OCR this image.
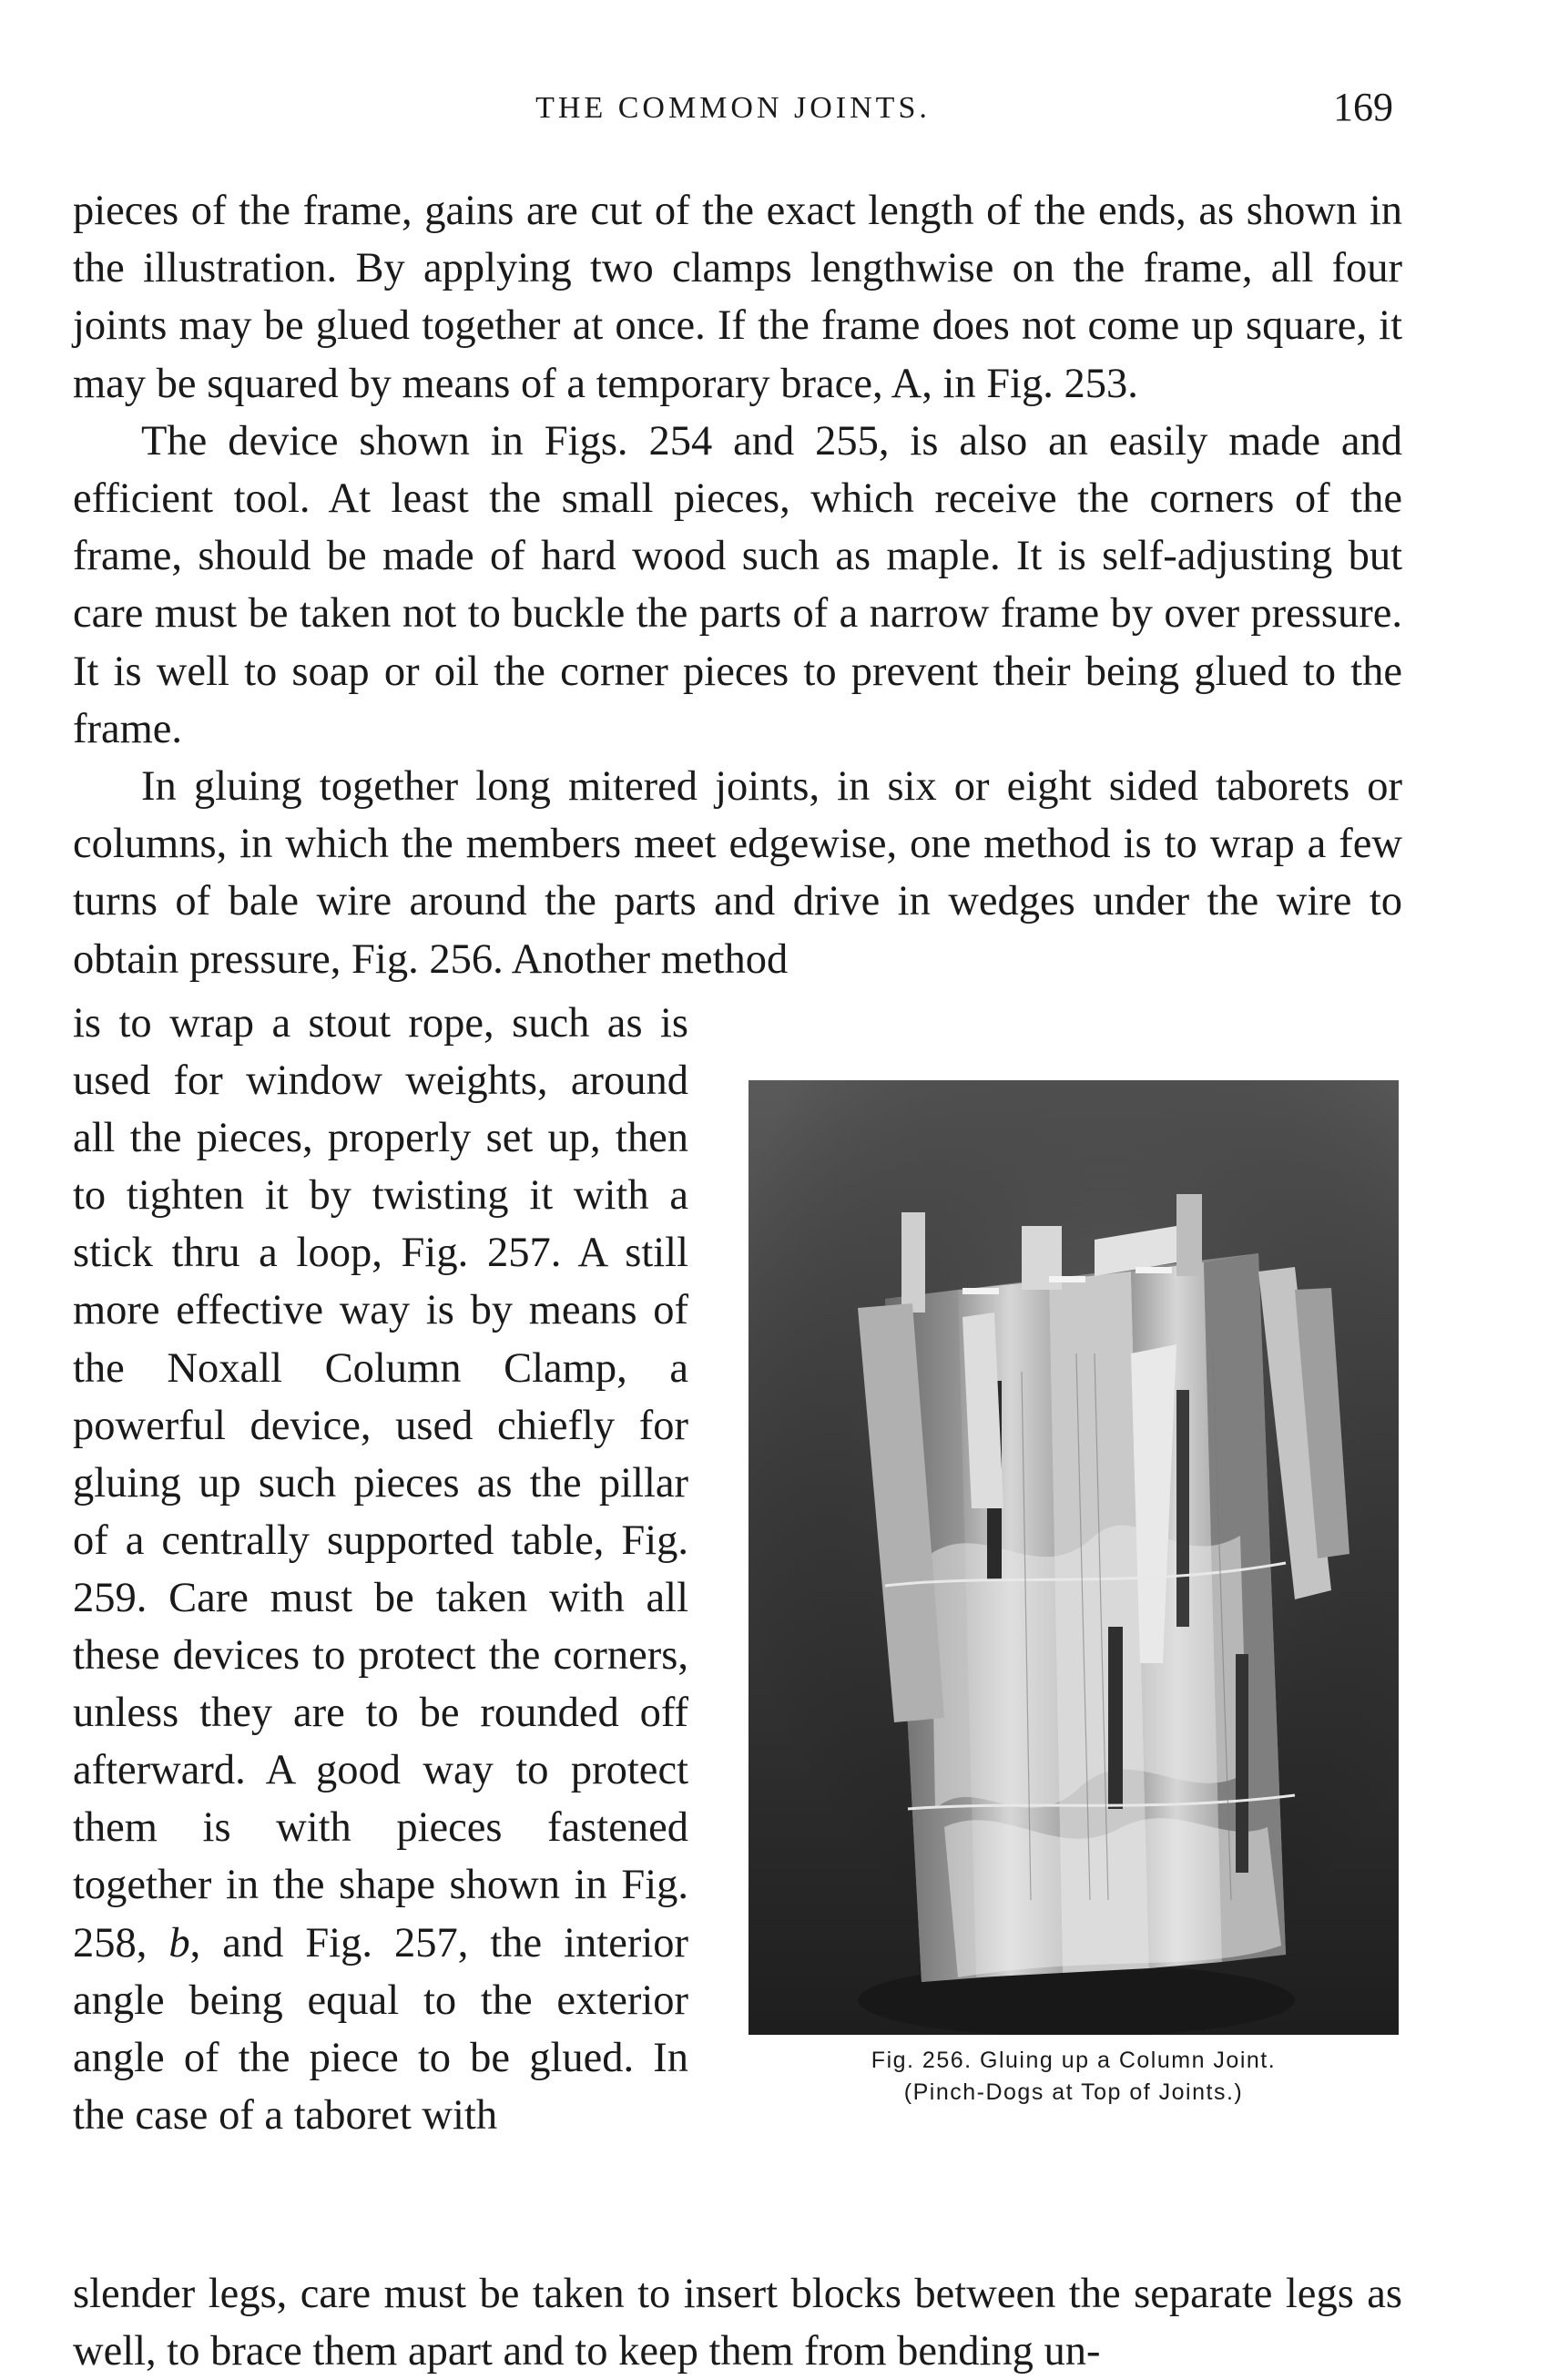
THE COMMON JOINTS.	169

pieces of the frame, gains are cut of the exact length of the ends, as shown in the illustration. By applying two clamps lengthwise on the frame, all four joints may be glued together at once. If the frame does not come up square, it may be squared by means of a temporary brace, A, in Fig. 253.

The device shown in Figs. 254 and 255, is also an easily made and efficient tool. At least the small pieces, which receive the corners of the frame, should be made of hard wood such as maple. It is self-adjusting but care must be taken not to buckle the parts of a narrow frame by over pressure. It is well to soap or oil the corner pieces to prevent their being glued to the frame.

In gluing together long mitered joints, in six or eight sided taborets or columns, in which the members meet edgewise, one method is to wrap a few turns of bale wire around the parts and drive in wedges under the wire to obtain pressure, Fig. 256. Another method

is to wrap a stout rope, such as is used for window weights, around all the pieces, properly set up, then to tighten it by twisting it with a stick thru a loop, Fig. 257. A still more effective way is by means of the Noxall Column Clamp, a powerful device, used chiefly for gluing up such pieces as the pillar of a centrally supported table, Fig. 259. Care must be taken with all these devices to protect the corners, unless they are to be rounded off afterward. A good way to protect them is with pieces fastened together in the shape shown in Fig. 258, b, and Fig. 257, the interior angle being equal to the exterior angle of the piece to be glued. In the case of a taboret with

Fig. 256. Gluing up a Column Joint.
(Pinch-Dogs at Top of Joints.)

slender legs, care must be taken to insert blocks between the separate legs as well, to brace them apart and to keep them from bending un-
